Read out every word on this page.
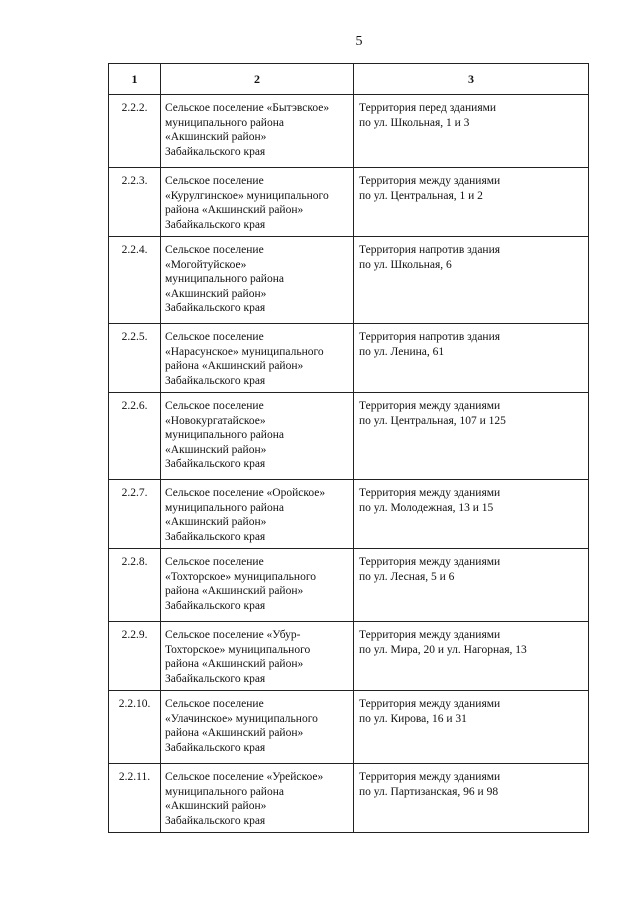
5
1	2	3
2.2.2.	Сельское поселение «Бытэвское»
муниципального района
«Акшинский район»
Забайкальского края	Территория перед зданиями
по ул. Школьная, 1 и 3

2.2.3.	Сельское поселение
«Курулгинское» муниципального
района «Акшинский район»
Забайкальского края	Территория между зданиями
по ул. Центральная, 1 и 2

2.2.4.	Сельское поселение
«Могойтуйское»
муниципального района
«Акшинский район»
Забайкальского края	Территория напротив здания
по ул. Школьная, 6

2.2.5.	Сельское поселение
«Нарасунское» муниципального
района «Акшинский район»
Забайкальского края	Территория напротив здания
по ул. Ленина, 61

2.2.6.	Сельское поселение
«Новокургатайское»
муниципального района
«Акшинский район»
Забайкальского края	Территория между зданиями
по ул. Центральная, 107 и 125

2.2.7.	Сельское поселение «Оройское»
муниципального района
«Акшинский район»
Забайкальского края	Территория между зданиями
по ул. Молодежная, 13 и 15

2.2.8.	Сельское поселение
«Тохторское» муниципального
района «Акшинский район»
Забайкальского края	Территория между зданиями
по ул. Лесная, 5 и 6

2.2.9.	Сельское поселение «Убур-
Тохторское» муниципального
района «Акшинский район»
Забайкальского края	Территория между зданиями
по ул. Мира, 20 и ул. Нагорная, 13

2.2.10.	Сельское поселение
«Улачинское» муниципального
района «Акшинский район»
Забайкальского края	Территория между зданиями
по ул. Кирова, 16 и 31

2.2.11.	Сельское поселение «Урейское»
муниципального района
«Акшинский район»
Забайкальского края	Территория между зданиями
по ул. Партизанская, 96 и 98
